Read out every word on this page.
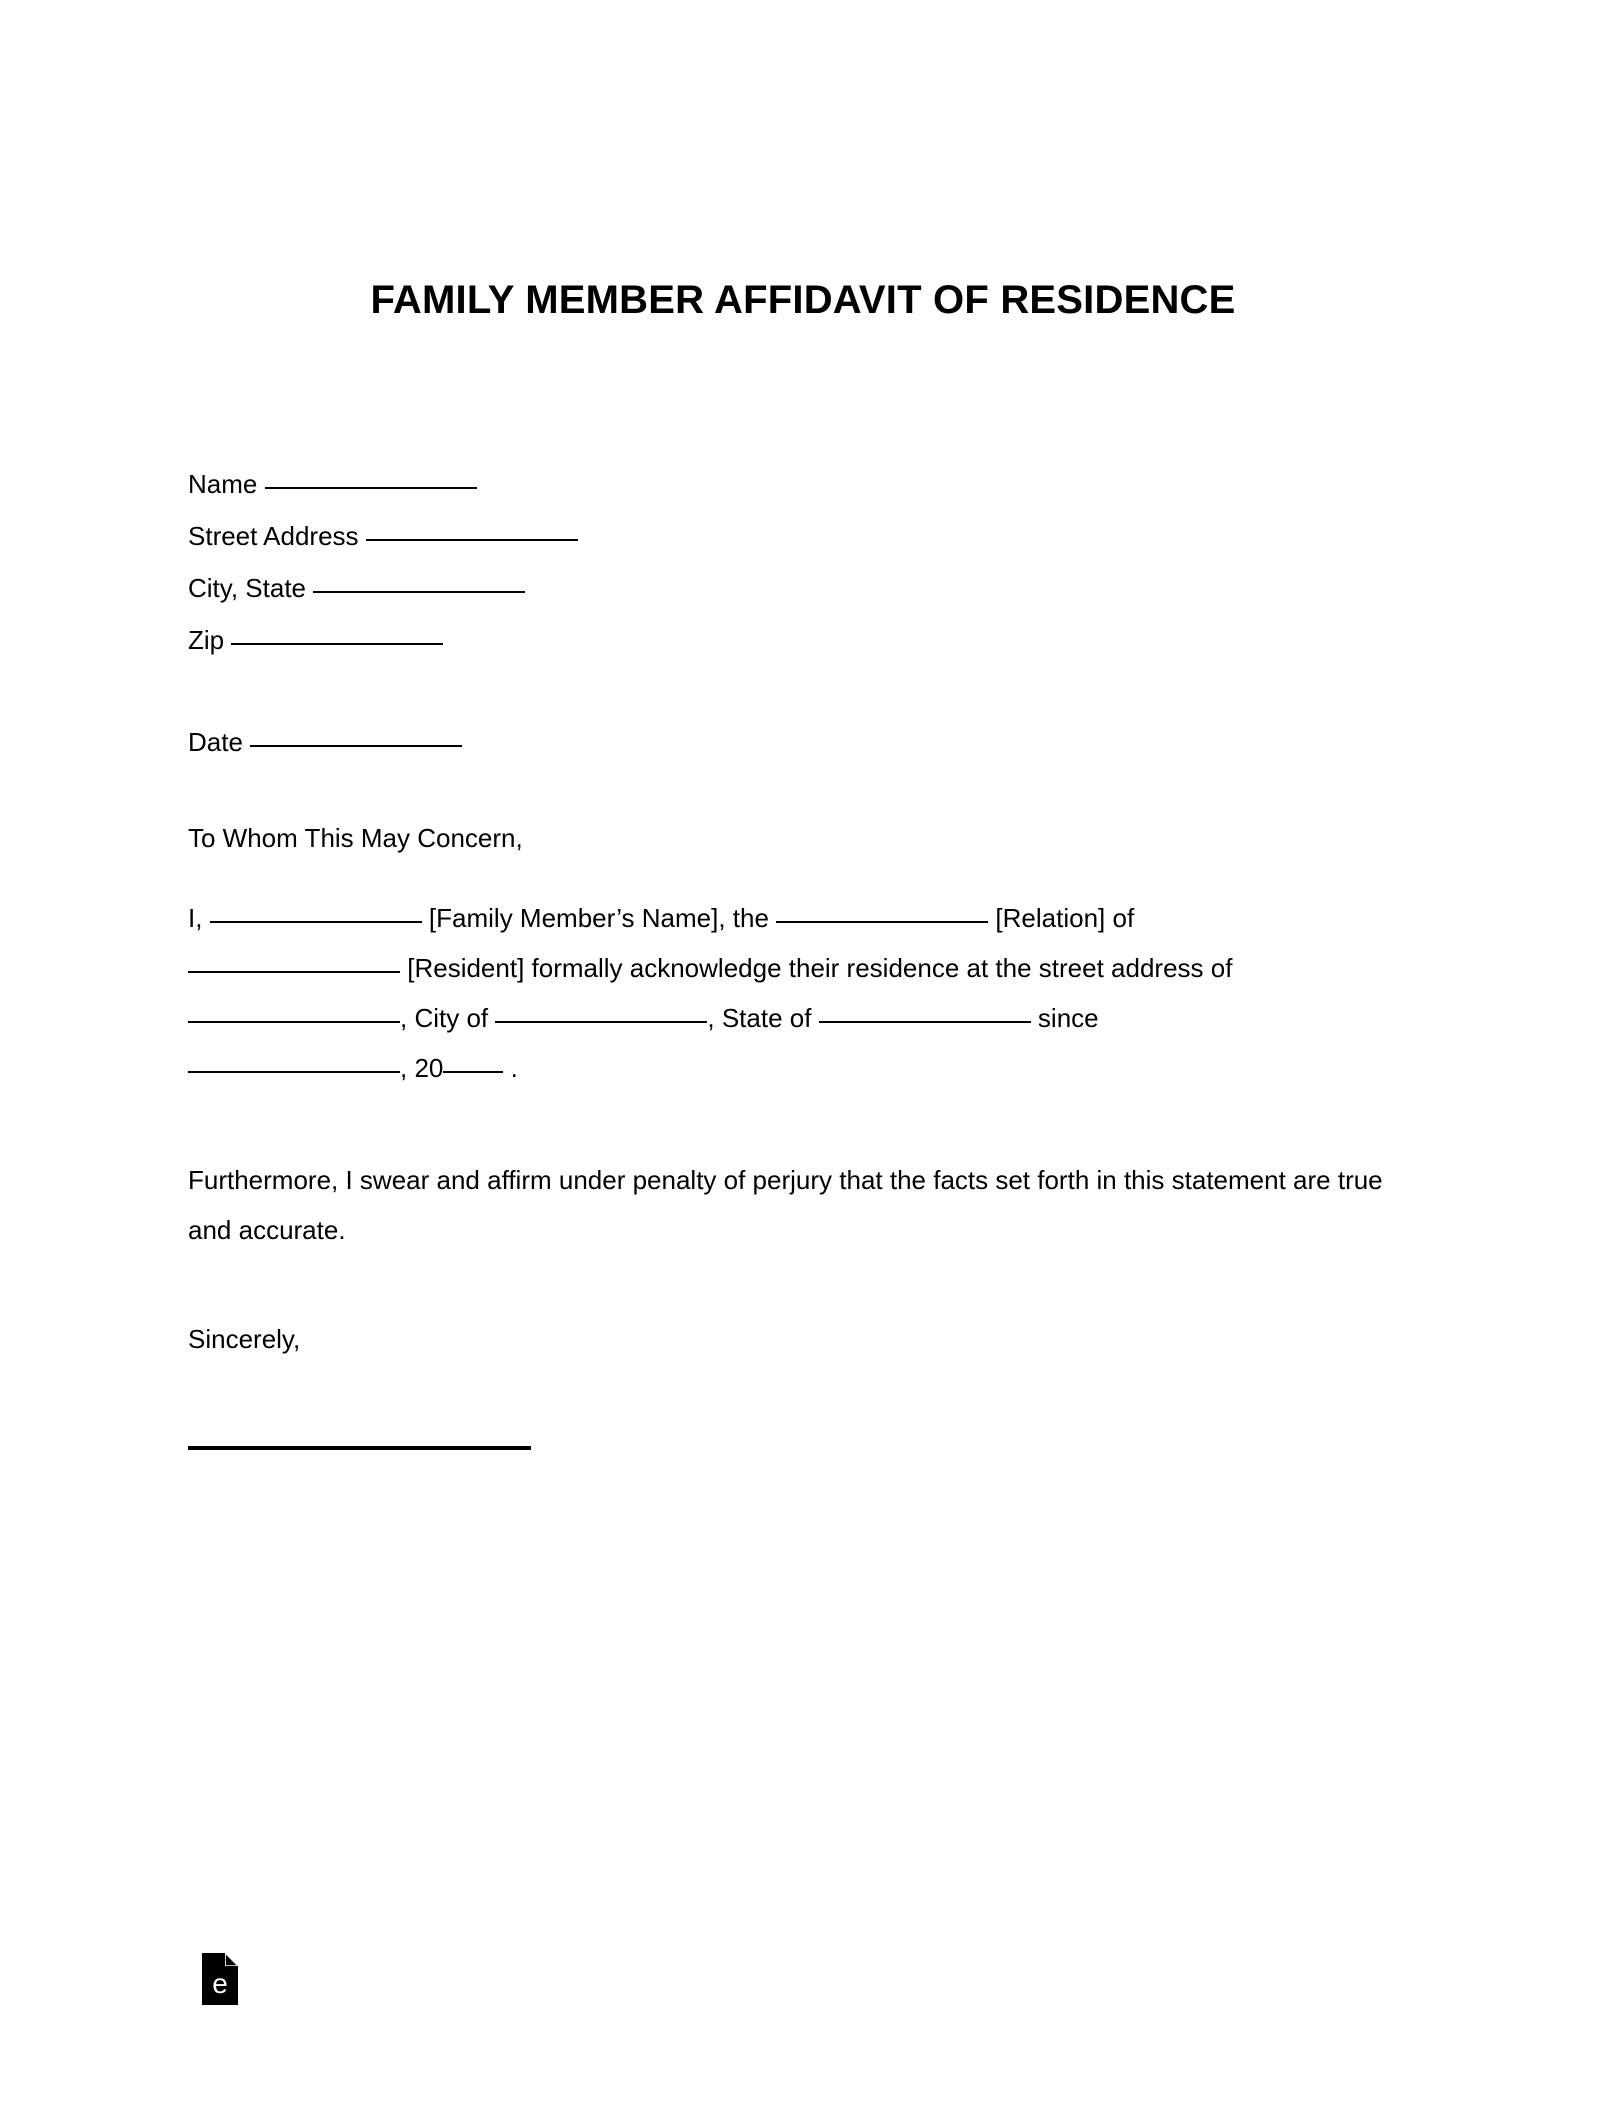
FAMILY MEMBER AFFIDAVIT OF RESIDENCE
Name
Street Address
City, State
Zip
Date
To Whom This May Concern,
I,	[Family Member’s Name], the	[Relation] of
[Resident] formally acknowledge their residence at the street address of
, City of	, State of	since
, 20	.
Furthermore, I swear and affirm under penalty of perjury that the facts set forth in this statement are true and accurate.
Sincerely,
e
